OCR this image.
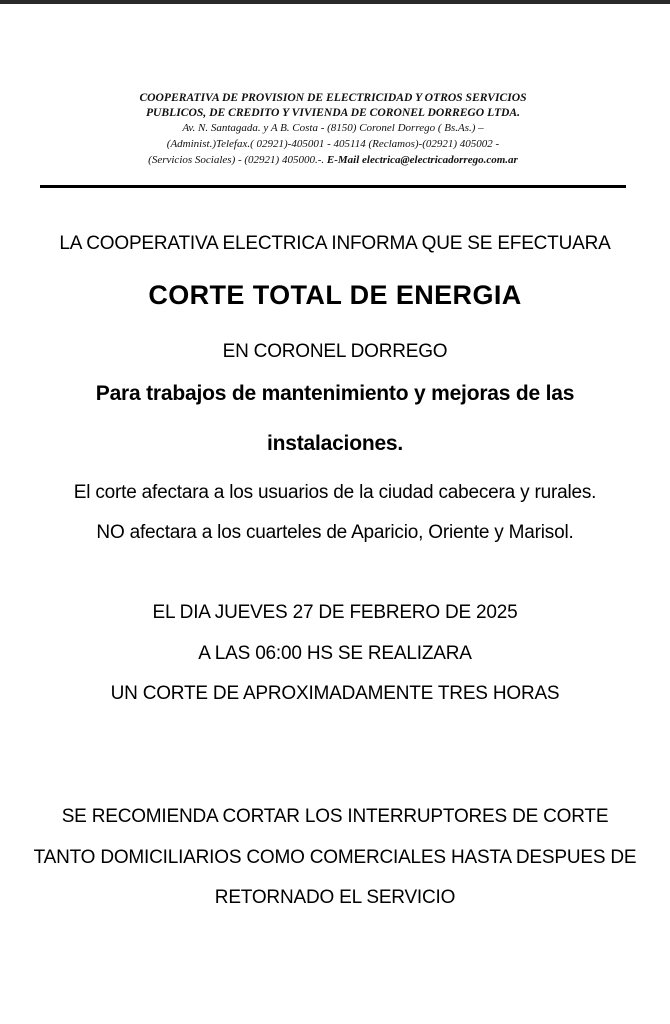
COOPERATIVA DE PROVISION DE ELECTRICIDAD Y OTROS SERVICIOS
PUBLICOS, DE CREDITO Y VIVIENDA DE CORONEL DORREGO LTDA.
Av. N. Santagada. y A B. Costa - (8150) Coronel Dorrego ( Bs.As.) –
(Administ.)Telefax.( 02921)-405001 - 405114 (Reclamos)-(02921) 405002 -
(Servicios Sociales) - (02921) 405000.-. E-Mail electrica@electricadorrego.com.ar
LA COOPERATIVA ELECTRICA INFORMA QUE SE EFECTUARA
CORTE TOTAL DE ENERGIA
EN CORONEL DORREGO
Para trabajos de mantenimiento y mejoras de las
instalaciones.
El corte afectara a los usuarios de la ciudad cabecera y rurales.
NO afectara a los cuarteles de Aparicio, Oriente y Marisol.
EL DIA JUEVES 27 DE FEBRERO DE 2025
A LAS 06:00 HS SE REALIZARA
UN CORTE DE APROXIMADAMENTE TRES HORAS
SE RECOMIENDA CORTAR LOS INTERRUPTORES DE CORTE
TANTO DOMICILIARIOS COMO COMERCIALES HASTA DESPUES DE
RETORNADO EL SERVICIO
